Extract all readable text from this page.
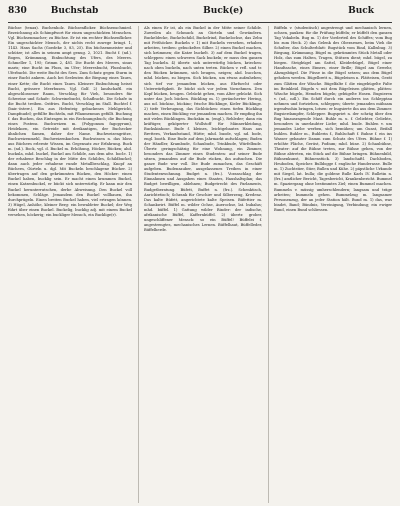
830	Buchstab	Buck(e)	Buck
Büchse (tenax). Buchenholz. Büchsenflicker. Büchsenschmied. Bezeichnung als Schimpfwort für einen ungeschickten Menschen. Vgl. Büchsenmacher; zu Büchse. Er ist ein rechter Büchsenflicker. Ein ungeschickter Mensch, der nichts recht zuwege bringt. 1, 1143. Hans Sachs (Goedeke 3, 83, 25). Ein büchsenmeister und schütze; ist alles in seinem ampt genug. 2, 1021. Bucht f. (nd.). Bogen, Krümmung, Einbuchtung des Ufers, des Meeres. Schmeller 1, 195; Grimm 2, 481. Die Bucht des Meeres, sinus maris; eine Bucht im Fluss, im Ufer; Meeresbucht, Flussbucht, Uferbucht. Die weite Bucht des Sees. Zum Schutz gegen Sturm in einer Bucht ankern. Auch bei Seeleuten die Biegung eines Taues, einer Kette; die Bucht eines Taues. Kleinere Einbuchtung heisst Bucht, grössere Meerbusen. Vgl. Golf. 2) landschaftl. ein abgeschlossener Raum, Verschlag für Vieh, besonders für Schweine und Schafe: Schweinebucht, Schafbucht. Die Schafe in die Bucht treiben. Ostfries. Bucht, Verschlag im Stall. Buchtel f. (bair.-österr.). Ein aus Hefenteig gebackenes Mehlgericht, Dampfnudel; gefüllte Buchteln, mit Pflaumenmus gefüllt. Buchung f. das Buchen, das Eintragen in ein Rechnungsbuch; die Buchung eines Postens. Buchweizen m. (Polygonum fagopyrum), Heidekorn, ein Getreide mit dreikantigen, der Buchecker ähnlichen Samen, daher der Name. Buchweizengrütze, Buchweizenmehl, Buchweizenkuchen. Buchwissen n. das bloss aus Büchern erlernte Wissen, im Gegensatz zur Erfahrung. Buck m. (nd.). Bock, vgl. d. Buckel m. Erhöhung, Höcker, Rücken; ahd. buckula, mhd. buckel, Buckel am Schilde, aus dem afrz. bocle. 1) der erhabene Beschlag in der Mitte des Schildes, Schildbuckel; dann auch jeder erhabene runde Metallbeschlag, Knopf an Büchern, Gürteln u. dgl. Mit Buckeln beschlagene Bücher. 2) übertragen auf den gekrümmten Rücken, den Höcker: einen Buckel haben, bucklig sein. Er macht einen krummen Buckel, einen Katzenbuckel, er bückt sich unterwürfig. Er kann mir den Buckel herunterrutschen, derbe Abweisung. Den Buckel voll bekommen, Schläge. Jemandem den Buckel vollhauen, ihn durchprügeln. Einen breiten Buckel haben, viel ertragen können. 3) Hügel, Anhöhe, kleiner Berg: ein bewaldeter Buckel; der Weg führt über einen Buckel. Buckelig, bucklig adj. mit einem Buckel versehen, höckerig; ein buckliger Mensch, ein Bucklige(r).
Als einen Er ist, als ein Buckel in der Mitte seiner Schilde. Zuweilen als Schmuck an Gürteln und Gewändern. Buckeldecke, Buckelschild, Buckelrind, Buckelochse, das Zebu mit Fetthöcker. Buckeln v. 1) mit Buckeln versehen, erhaben arbeiten, treiben: gebuckeltes Silber. 2) einen Buckel machen, sich krümmen; die Katze buckelt. 3) auf dem Buckel tragen, schleppen: einen schweren Sack buckeln; er muss den ganzen Tag buckeln. 4) übertr. sich unterwürfig bücken, kriechen: nach oben buckeln, nach unten treten. Bücken v. refl. und tr. den Rücken krümmen, sich beugen, neigen; ahd. bucchen, mhd. bücken, zu biegen. Sich bücken, um etwas aufzuheben; sich tief vor jemandem bücken, aus Ehrfurcht oder Unterwürfigkeit. Er bückt sich vor jedem Vornehmen. Den Kopf bücken, beugen. Gebückt gehen, vom Alter gebückt. Sich unter das Joch bücken. Bückling m. 1) geräucherter Hering, aus nd. bückinc, bückinc; frische Bücklinge, Kieler Bücklinge. 2) tiefe Verbeugung, das Sichbücken: einen tiefen Bückling machen, einen Bückling vor jemandem machen. Er empfing ihn mit vielen Bücklingen. Buckskin m. (engl.), Rehleder; dann ein kräftiger, geköperter Wollstoff für Männerkleidung, Buckskinhose. Bude f. kleines, leichtgebautes Haus aus Brettern, Verkaufsstand, Hütte; mhd. buode, vgl. nd. bode, engl. booth. Eine Bude auf dem Jahrmarkt aufschlagen; Buden der Händler, Krambude, Schaubude, Trinkbude, Würfelbude. Übertr. geringschätzig für eine Wohnung, ein Zimmer, besonders das Zimmer eines Studenten: auf seiner Bude sitzen, jemandem auf die Bude rücken, ihn aufsuchen. Die ganze Bude war voll. Die Bude zumachen, das Geschäft aufgeben. Budenzauber, ausgelassenes Treiben in einer Studentenwohnung. Budget n. (frz.). Voranschlag der Einnahmen und Ausgaben eines Staates, Haushaltsplan; das Budget bewilligen, ablehnen; Budgetrecht des Parlaments, Budgetberatung. Büfett, Buffet n. (frz.). Schenktisch, Anrichtetisch; Schrank für Geschirr und Silberzeug, Kredenz. Das kalte Büfett, angerichtete kalte Speisen. Büfettier m. Schankwirt. Büffel m. wilder Ochse, Auerochse, lat. bubalus; mhd. büffel. 1) Gattung wilder Rinder: der indische, afrikanische Büffel, Kaffernbüffel. 2) übertr. grober, ungeschliffener Mensch: so ein Büffel! Büffelei f. angestrengtes, mechanisches Lernen. Büffelhaut, Büffelleder, Büffelherde.
Büffeln v. (studentisch) angestrengt und mechanisch lernen, ochsen, pauken: für die Prüfung büffeln; er büffelt den ganzen Tag Vokabeln. Bug m. 1) der Vorderteil des Schiffes; vom Bug bis zum Heck. 2) das Gelenk des Oberarmes, beim Vieh die Schulter, das Schulterblatt: Bugstück vom Rind, Kalbsbug. 3) Biegung, Krümmung. Bügel m. gekrümmtes Stück Metall oder Holz, das zum Halten, Tragen, Stützen dient; mhd. bügel, zu biegen. Steigbügel am Sattel, Kleiderbügel, Bügel einer Handtasche, eines Eimers, einer Brille; Bügel am Gewehr, Abzugsbügel. Die Füsse in die Bügel setzen; aus dem Bügel gehoben werden. Bügelbrett n., Bügeleisen n. Plätteisen, Gerät zum Glätten der Wäsche. Bügelfalte f. die eingebügelte Falte im Beinkleid. Bügeln v. mit dem Bügeleisen glätten, plätten: Wäsche bügeln, Hemden bügeln; gebügelte Hosen. Bugsieren v. (nd., ndl.). Ein Schiff durch ein anderes ins Schlepptau nehmen und fortziehen, schleppen; übertr. jemanden mühsam irgendwohin bringen, lotsen: er bugsierte ihn aus dem Zimmer. Bugsierdampfer, Schlepper. Bugspriet n. der schräg über den Bug hinausragende Mast. Buhle m. u. f. Geliebter, Geliebte, besonders in unerlaubter Liebe; mhd. buole. Buhlen v. um jemandes Liebe werben, sich bemühen; um Gunst, Beifall buhlen. Buhler m., Buhlerin f., Buhlschaft f. Buhne f. ein ins Wasser gebauter Damm zum Schutz des Ufers. Bühne f. 1) erhöhte Fläche, Gerüst, Podium; mhd. büne. 2) Schaubühne, Theater: auf die Bühne treten, zur Bühne gehen, von der Bühne abtreten, ein Stück auf die Bühne bringen. Bühnenbild, Bühnenkunst, Bühnenstück. 3) landschaftl. Dachboden, Heuboden, Speicher. Bulldogge f. englische Hunderasse. Bulle m. 1) Zuchtstier, Stier, Bullen und Kühe. 2) päpstliche Urkunde mit Siegel, lat. bulla; die goldene Bulle Karls IV. Bulletin n. (frz.) amtlicher Bericht, Tagesbericht, Krankenbericht. Bummel m. Spaziergang ohne bestimmtes Ziel; einen Bummel machen. Bummeln v. müssig umherschlendern; langsam und träge arbeiten; bummeln gehen. Bummelzug m. langsamer Personenzug, der an jeder Station hält. Bund m. 1) das, was bindet, Band; Bündnis, Vereinigung, Verbindung; ein ewiger Bund, einen Bund schliessen.
